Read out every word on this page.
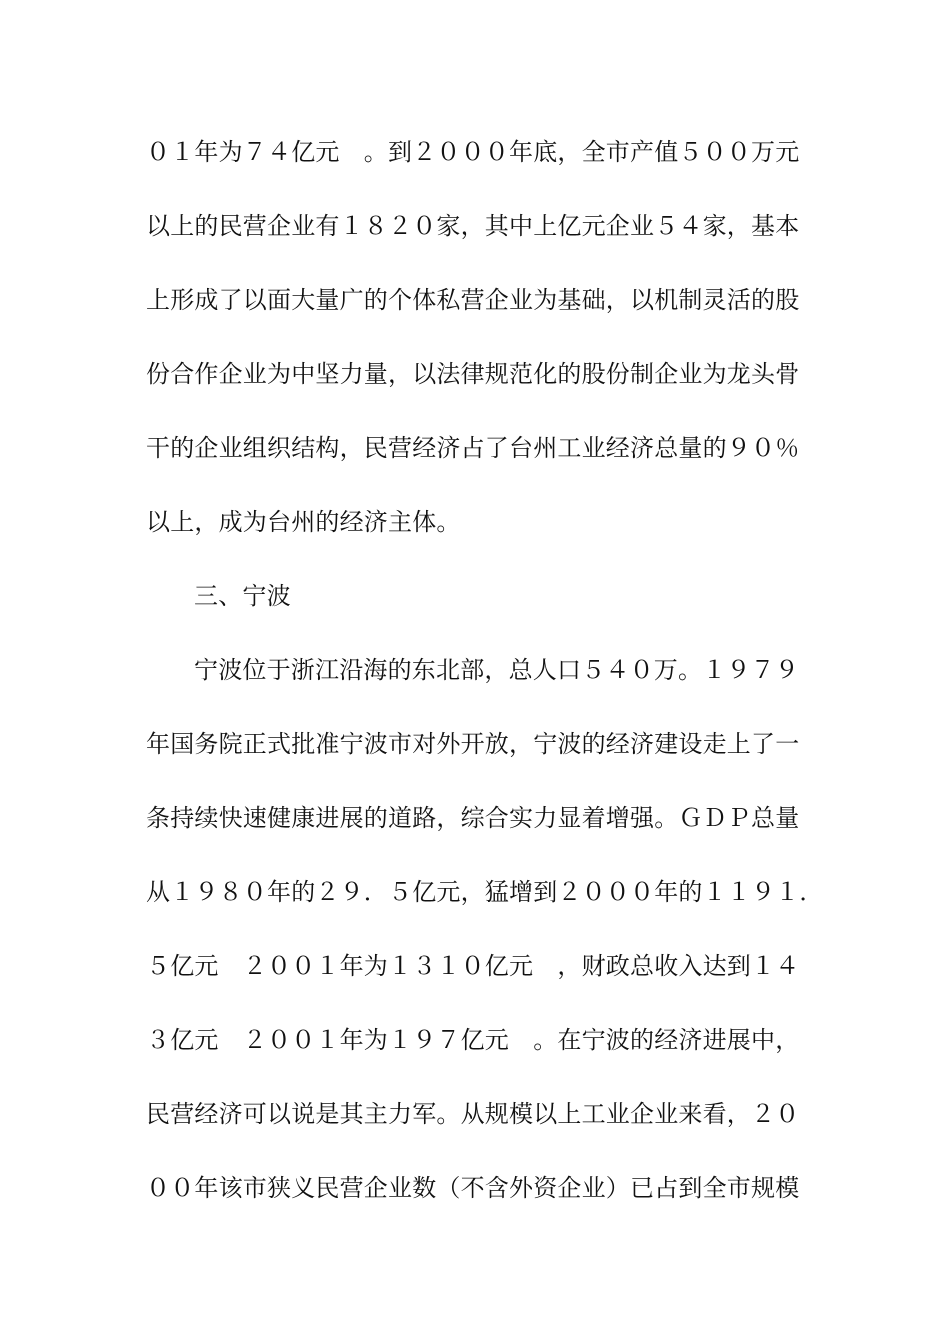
０１年为７４亿元　。到２０００年底，全市产值５００万元
以上的民营企业有１８２０家，其中上亿元企业５４家，基本
上形成了以面大量广的个体私营企业为基础，以机制灵活的股
份合作企业为中坚力量，以法律规范化的股份制企业为龙头骨
干的企业组织结构，民营经济占了台州工业经济总量的９０％
以上，成为台州的经济主体。
三、宁波
宁波位于浙江沿海的东北部，总人口５４０万。１９７９
年国务院正式批准宁波市对外开放，宁波的经济建设走上了一
条持续快速健康进展的道路，综合实力显着增强。ＧＤＰ总量
从１９８０年的２９．５亿元，猛增到２０００年的１１９１．
５亿元　２００１年为１３１０亿元　，财政总收入达到１４
３亿元　２００１年为１９７亿元　。在宁波的经济进展中，
民营经济可以说是其主力军。从规模以上工业企业来看，２０
００年该市狭义民营企业数（不含外资企业）已占到全市规模
